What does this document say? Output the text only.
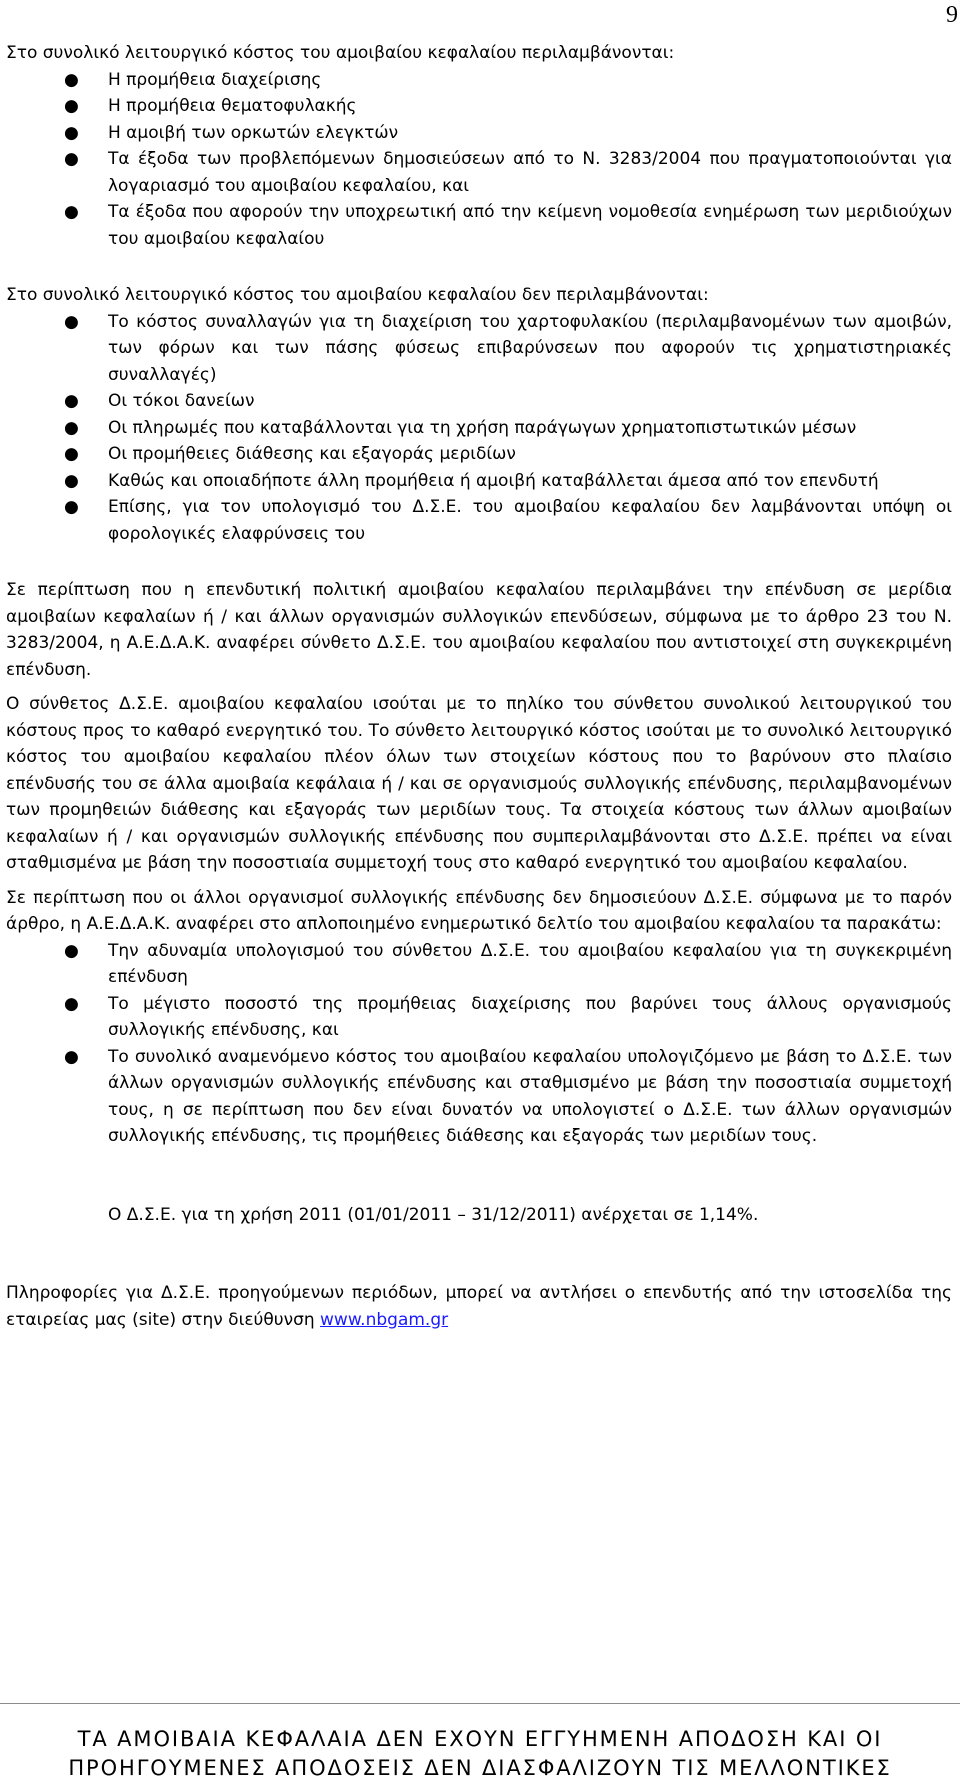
9

Στο συνολικό λειτουργικό κόστος του αμοιβαίου κεφαλαίου περιλαμβάνονται:

● Η προμήθεια διαχείρισης
● Η προμήθεια θεματοφυλακής
● Η αμοιβή των ορκωτών ελεγκτών
● Τα έξοδα των προβλεπόμενων δημοσιεύσεων από το Ν. 3283/2004 που πραγματοποιούνται για λογαριασμό του αμοιβαίου κεφαλαίου, και
● Τα έξοδα που αφορούν την υποχρεωτική από την κείμενη νομοθεσία ενημέρωση των μεριδιούχων του αμοιβαίου κεφαλαίου

Στο συνολικό λειτουργικό κόστος του αμοιβαίου κεφαλαίου δεν περιλαμβάνονται:

● Το κόστος συναλλαγών για τη διαχείριση του χαρτοφυλακίου (περιλαμβανομένων των αμοιβών, των φόρων και των πάσης φύσεως επιβαρύνσεων που αφορούν τις χρηματιστηριακές συναλλαγές)
● Οι τόκοι δανείων
● Οι πληρωμές που καταβάλλονται για τη χρήση παράγωγων χρηματοπιστωτικών μέσων
● Οι προμήθειες διάθεσης και εξαγοράς μεριδίων
● Καθώς και οποιαδήποτε άλλη προμήθεια ή αμοιβή καταβάλλεται άμεσα από τον επενδυτή
● Επίσης, για τον υπολογισμό του Δ.Σ.Ε. του αμοιβαίου κεφαλαίου δεν λαμβάνονται υπόψη οι φορολογικές ελαφρύνσεις του

Σε περίπτωση που η επενδυτική πολιτική αμοιβαίου κεφαλαίου περιλαμβάνει την επένδυση σε μερίδια αμοιβαίων κεφαλαίων ή / και άλλων οργανισμών συλλογικών επενδύσεων, σύμφωνα με το άρθρο 23 του Ν. 3283/2004, η Α.Ε.Δ.Α.Κ. αναφέρει σύνθετο Δ.Σ.Ε. του αμοιβαίου κεφαλαίου που αντιστοιχεί στη συγκεκριμένη επένδυση.

Ο σύνθετος Δ.Σ.Ε. αμοιβαίου κεφαλαίου ισούται με το πηλίκο του σύνθετου συνολικού λειτουργικού του κόστους προς το καθαρό ενεργητικό του. Το σύνθετο λειτουργικό κόστος ισούται με το συνολικό λειτουργικό κόστος του αμοιβαίου κεφαλαίου πλέον όλων των στοιχείων κόστους που το βαρύνουν στο πλαίσιο επένδυσής του σε άλλα αμοιβαία κεφάλαια ή / και σε οργανισμούς συλλογικής επένδυσης, περιλαμβανομένων των προμηθειών διάθεσης και εξαγοράς των μεριδίων τους. Τα στοιχεία κόστους των άλλων αμοιβαίων κεφαλαίων ή / και οργανισμών συλλογικής επένδυσης που συμπεριλαμβάνονται στο Δ.Σ.Ε. πρέπει να είναι σταθμισμένα με βάση την ποσοστιαία συμμετοχή τους στο καθαρό ενεργητικό του αμοιβαίου κεφαλαίου.

Σε περίπτωση που οι άλλοι οργανισμοί συλλογικής επένδυσης δεν δημοσιεύουν Δ.Σ.Ε. σύμφωνα με το παρόν άρθρο, η Α.Ε.Δ.Α.Κ. αναφέρει στο απλοποιημένο ενημερωτικό δελτίο του αμοιβαίου κεφαλαίου τα παρακάτω:

● Την αδυναμία υπολογισμού του σύνθετου Δ.Σ.Ε. του αμοιβαίου κεφαλαίου για τη συγκεκριμένη επένδυση
● Το μέγιστο ποσοστό της προμήθειας διαχείρισης που βαρύνει τους άλλους οργανισμούς συλλογικής επένδυσης, και
● Το συνολικό αναμενόμενο κόστος του αμοιβαίου κεφαλαίου υπολογιζόμενο με βάση το Δ.Σ.Ε. των άλλων οργανισμών συλλογικής επένδυσης και σταθμισμένο με βάση την ποσοστιαία συμμετοχή τους, η σε περίπτωση που δεν είναι δυνατόν να υπολογιστεί ο Δ.Σ.Ε. των άλλων οργανισμών συλλογικής επένδυσης, τις προμήθειες διάθεσης και εξαγοράς των μεριδίων τους.

Ο Δ.Σ.Ε. για τη χρήση 2011 (01/01/2011 – 31/12/2011) ανέρχεται σε 1,14%.

Πληροφορίες για Δ.Σ.Ε. προηγούμενων περιόδων, μπορεί να αντλήσει ο επενδυτής από την ιστοσελίδα της εταιρείας μας (site) στην διεύθυνση www.nbgam.gr

ΤΑ ΑΜΟΙΒΑΙΑ ΚΕΦΑΛΑΙΑ ΔΕΝ ΕΧΟΥΝ ΕΓΓΥΗΜΕΝΗ ΑΠΟΔΟΣΗ ΚΑΙ ΟΙ
ΠΡΟΗΓΟΥΜΕΝΕΣ ΑΠΟΔΟΣΕΙΣ ΔΕΝ ΔΙΑΣΦΑΛΙΖΟΥΝ ΤΙΣ ΜΕΛΛΟΝΤΙΚΕΣ
